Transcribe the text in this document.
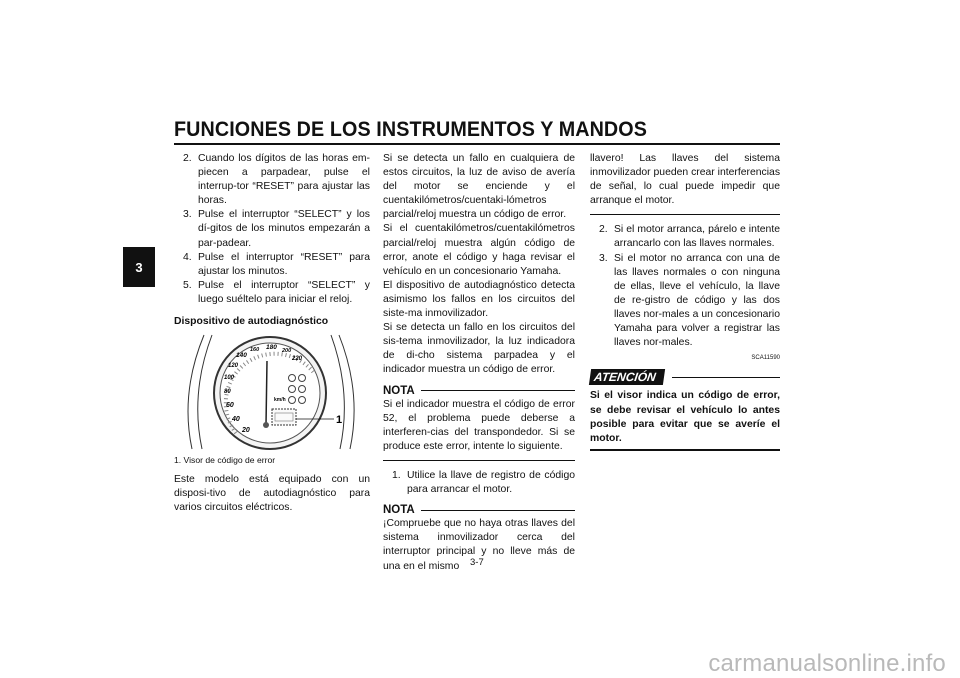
FUNCIONES DE LOS INSTRUMENTOS Y MANDOS
3
2. Cuando los dígitos de las horas em-piecen a parpadear, pulse el interrup-tor “RESET” para ajustar las horas.
3. Pulse el interruptor “SELECT” y los dí-gitos de los minutos empezarán a par-padear.
4. Pulse el interruptor “RESET” para ajustar los minutos.
5. Pulse el interruptor “SELECT” y luego suéltelo para iniciar el reloj.

Dispositivo de autodiagnóstico

20
40
60
80
100
120
140
160 180 200
220
km/h
1

1. Visor de código de error

Este modelo está equipado con un disposi-tivo de autodiagnóstico para varios circuitos eléctricos.

Si se detecta un fallo en cualquiera de estos circuitos, la luz de aviso de avería del motor se enciende y el cuentakilómetros/cuentaki-lómetros parcial/reloj muestra un código de error.

Si el cuentakilómetros/cuentakilómetros parcial/reloj muestra algún código de error, anote el código y haga revisar el vehículo en un concesionario Yamaha.

El dispositivo de autodiagnóstico detecta asimismo los fallos en los circuitos del siste-ma inmovilizador.

Si se detecta un fallo en los circuitos del sis-tema inmovilizador, la luz indicadora de di-cho sistema parpadea y el indicador muestra un código de error.

NOTA

Si el indicador muestra el código de error 52, el problema puede deberse a interferen-cias del transpondedor. Si se produce este error, intente lo siguiente.

1. Utilice la llave de registro de código para arrancar el motor.
NOTA

¡Compruebe que no haya otras llaves del sistema inmovilizador cerca del interruptor principal y no lleve más de una en el mismo

llavero! Las llaves del sistema inmovilizador pueden crear interferencias de señal, lo cual puede impedir que arranque el motor.

2. Si el motor arranca, párelo e intente arrancarlo con las llaves normales.
3. Si el motor no arranca con una de las llaves normales o con ninguna de ellas, lleve el vehículo, la llave de re-gistro de código y las dos llaves nor-males a un concesionario Yamaha para volver a registrar las llaves nor-males.

SCA11590

ATENCIÓN

Si el visor indica un código de error, se debe revisar el vehículo lo antes posible para evitar que se averíe el motor.

3-7
carmanualsonline.info
